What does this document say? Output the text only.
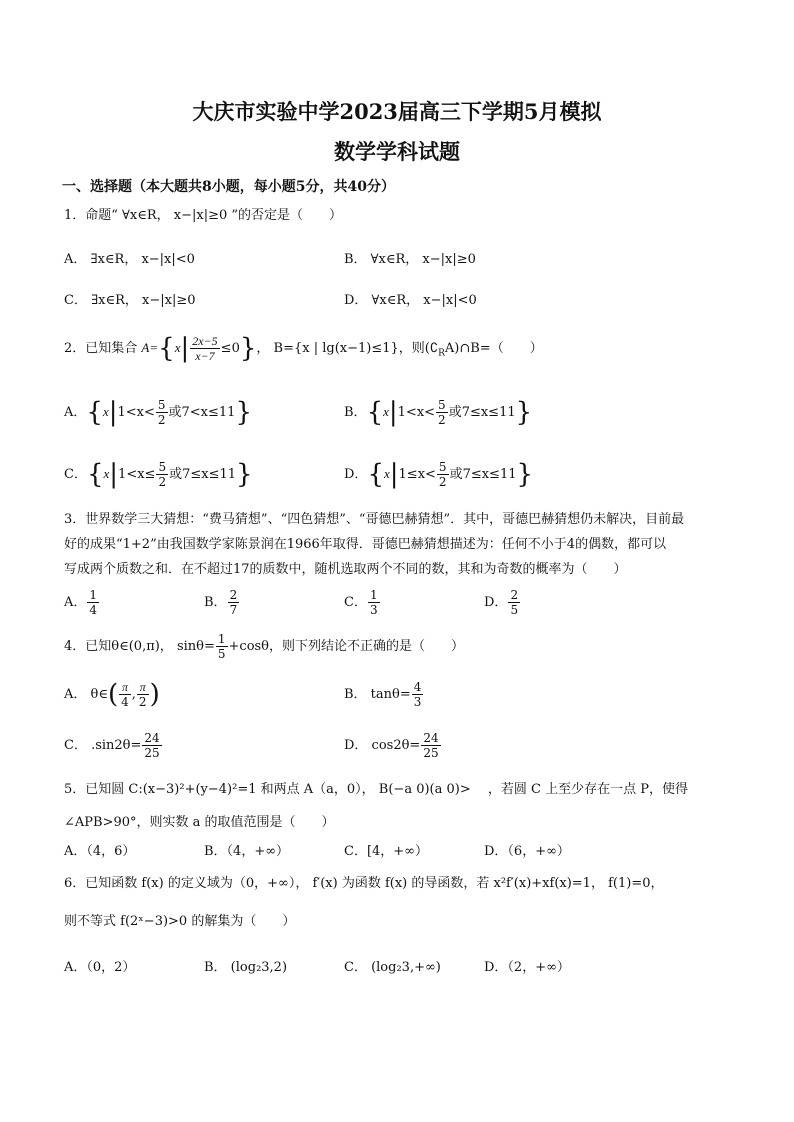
大庆市实验中学2023届高三下学期5月模拟
数学学科试题
一、选择题（本大题共8小题，每小题5分，共40分）
1．命题“ ∀x∈R， x−|x|≥0 ”的否定是（　　）
A． ∃x∈R， x−|x|<0	B． ∀x∈R， x−|x|≥0
C． ∃x∈R， x−|x|≥0	D． ∀x∈R， x−|x|<0
2．已知集合 $A=\{x| \frac{2x-5}{x-7} \le 0\}$， B={x | lg(x−1)≤1}，则$(∁_RA)\cap B=$（　　）
A．{$x|1<x< \frac{5}{2}$ 或7<x≤11}	B．{$x|1<x< \frac{5}{2}$ 或7≤x≤11}
C．{$x|1<x\le \frac{5}{2}$ 或7≤x≤11}	D．{$x|1\le x< \frac{5}{2}$ 或7≤x≤11}
3．世界数学三大猜想：“费马猜想”、“四色猜想”、“哥德巴赫猜想”．其中，哥德巴赫猜想仍未解决，目前最
好的成果“1+2”由我国数学家陈景润在1966年取得．哥德巴赫猜想描述为：任何不小于4的偶数，都可以
写成两个质数之和．在不超过17的质数中，随机选取两个不同的数，其和为奇数的概率为（　　）
A． $\frac{1}{4}$	B． $\frac{2}{7}$	C． $\frac{1}{3}$	D． $\frac{2}{5}$
4．已知θ∈(0,π)， $\sin\theta= \frac{1}{5} +\cos\theta$，则下列结论不正确的是（　　）
A． θ∈( $\frac{\pi}{4}$ , $\frac{\pi}{2}$ )	B． $\tan\theta= \frac{4}{3}$
C． $.\sin 2\theta= \frac{24}{25}$	D． $\cos 2\theta= \frac{24}{25}$
5．已知圆 C:(x−3)²+(y−4)²=1 和两点 A（a，0）， B(−a 0)(a 0)> 　，若圆 C 上至少存在一点 P，使得
∠APB>90°，则实数 a 的取值范围是（　　）
A．（4，6）	B．（4，+∞）	C．[4，+∞）	D．（6，+∞）
6．已知函数 f(x) 的定义域为（0，+∞）， f′(x) 为函数 f(x) 的导函数，若 x²f′(x)+xf(x)=1， f(1)=0，
则不等式 f(2ˣ−3)>0 的解集为（　　）
A．（0，2）	B． (log₂3,2)	C． (log₂3,+∞)	D．（2，+∞）
